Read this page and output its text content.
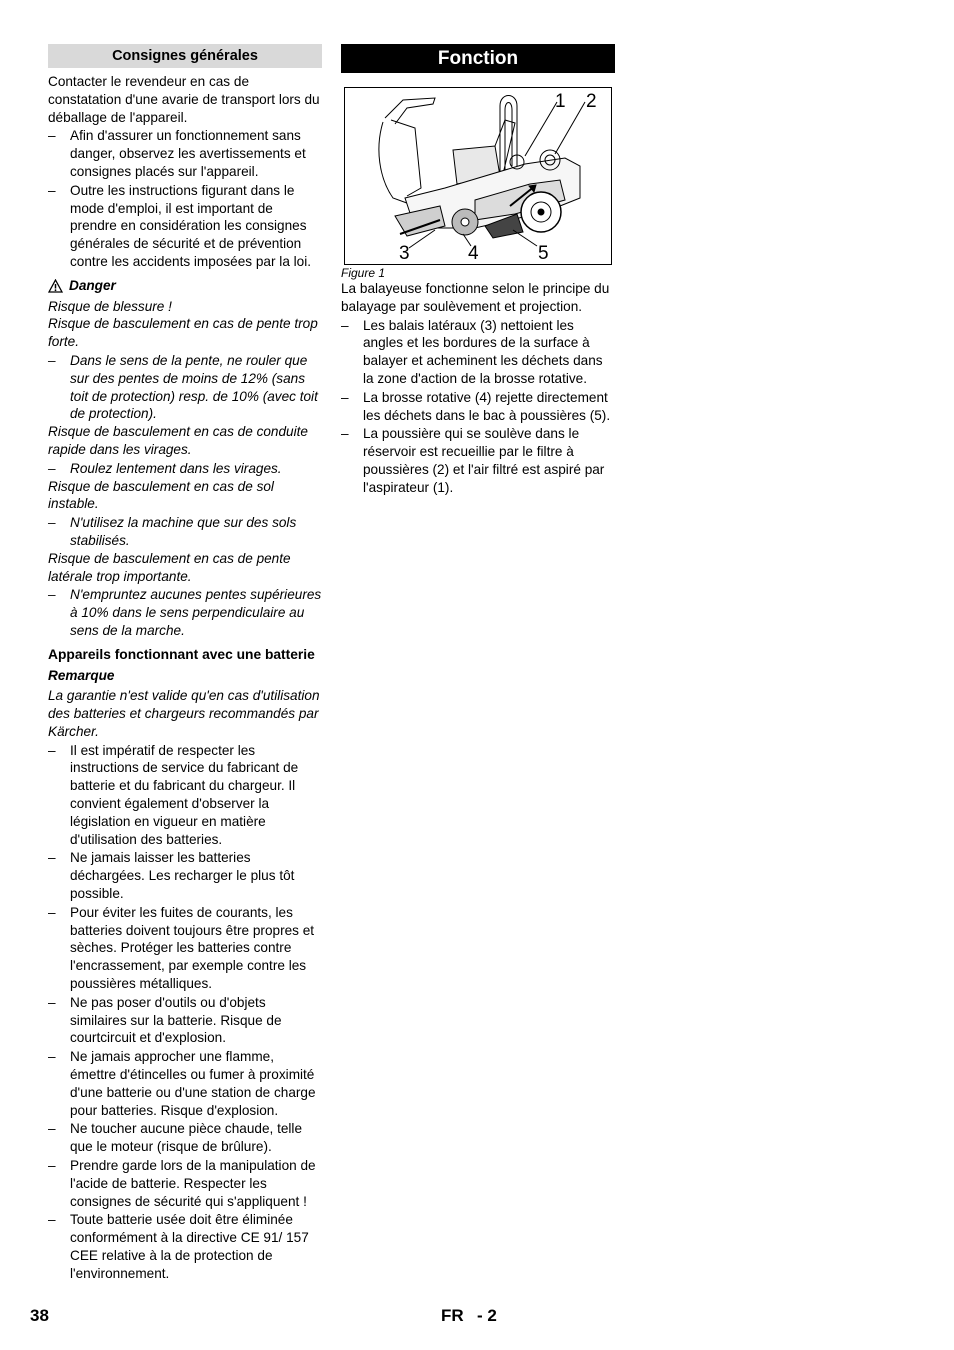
Consignes générales

Contacter le revendeur en cas de constatation d'une avarie de transport lors du déballage de l'appareil.

– Afin d'assurer un fonctionnement sans danger, observez les avertissements et consignes placés sur l'appareil.
– Outre les instructions figurant dans le mode d'emploi, il est important de prendre en considération les consignes générales de sécurité et de prévention contre les accidents imposées par la loi.
Danger

Risque de blessure !

Risque de basculement en cas de pente trop forte.

– Dans le sens de la pente, ne rouler que sur des pentes de moins de 12% (sans toit de protection) resp. de 10% (avec toit de protection).

Risque de basculement en cas de conduite rapide dans les virages.

– Roulez lentement dans les virages.

Risque de basculement en cas de sol instable.

– N'utilisez la machine que sur des sols stabilisés.

Risque de basculement en cas de pente latérale trop importante.

– N'empruntez aucunes pentes supérieures à 10% dans le sens perpendiculaire au sens de la marche.
Appareils fonctionnant avec une batterie
Remarque

La garantie n'est valide qu'en cas d'utilisation des batteries et chargeurs recommandés par Kärcher.

– Il est impératif de respecter les instructions de service du fabricant de batterie et du fabricant du chargeur. Il convient également d'observer la législation en vigueur en matière d'utilisation des batteries.
– Ne jamais laisser les batteries déchargées. Les recharger le plus tôt possible.
– Pour éviter les fuites de courants, les batteries doivent toujours être propres et sèches. Protéger les batteries contre l'encrassement, par exemple contre les poussières métalliques.
– Ne pas poser d'outils ou d'objets similaires sur la batterie. Risque de courtcircuit et d'explosion.
– Ne jamais approcher une flamme, émettre d'étincelles ou fumer à proximité d'une batterie ou d'une station de charge pour batteries. Risque d'explosion.
– Ne toucher aucune pièce chaude, telle que le moteur (risque de brûlure).
– Prendre garde lors de la manipulation de l'acide de batterie. Respecter les consignes de sécurité qui s'appliquent !
– Toute batterie usée doit être éliminée conformément à la directive CE 91/ 157 CEE relative à la de protection de l'environnement.
Fonction
1 2
3	4	5
Figure 1

La balayeuse fonctionne selon le principe du balayage par soulèvement et projection.

– Les balais latéraux (3) nettoient les angles et les bordures de la surface à balayer et acheminent les déchets dans la zone d'action de la brosse rotative.
– La brosse rotative (4) rejette directement les déchets dans le bac à poussières (5).
– La poussière qui se soulève dans le réservoir est recueillie par le filtre à poussières (2) et l'air filtré est aspiré par l'aspirateur (1).
38	FR - 2
